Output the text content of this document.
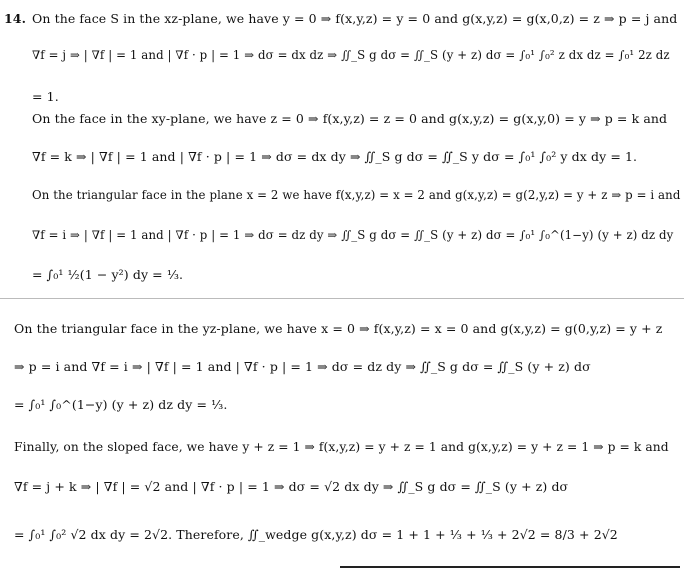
14. On the face S in the xz-plane, we have y = 0 ⇒ f(x,y,z) = y = 0 and g(x,y,z) = g(x,0,z) = z ⇒ p = j and
∇f = j ⇒ | ∇f | = 1 and | ∇f · p | = 1 ⇒ dσ = dx dz ⇒ ∬_S g dσ = ∬_S (y + z) dσ = ∫₀¹ ∫₀² z dx dz = ∫₀¹ 2z dz
= 1.
On the face in the xy-plane, we have z = 0 ⇒ f(x,y,z) = z = 0 and g(x,y,z) = g(x,y,0) = y ⇒ p = k and
∇f = k ⇒ | ∇f | = 1 and | ∇f · p | = 1 ⇒ dσ = dx dy ⇒ ∬_S g dσ = ∬_S y dσ = ∫₀¹ ∫₀² y dx dy = 1.
On the triangular face in the plane x = 2 we have f(x,y,z) = x = 2 and g(x,y,z) = g(2,y,z) = y + z ⇒ p = i and
∇f = i ⇒ | ∇f | = 1 and | ∇f · p | = 1 ⇒ dσ = dz dy ⇒ ∬_S g dσ = ∬_S (y + z) dσ = ∫₀¹ ∫₀^(1−y) (y + z) dz dy
= ∫₀¹ ½(1 − y²) dy = ⅓.
On the triangular face in the yz-plane, we have x = 0 ⇒ f(x,y,z) = x = 0 and g(x,y,z) = g(0,y,z) = y + z
⇒ p = i and ∇f = i ⇒ | ∇f | = 1 and | ∇f · p | = 1 ⇒ dσ = dz dy ⇒ ∬_S g dσ = ∬_S (y + z) dσ
= ∫₀¹ ∫₀^(1−y) (y + z) dz dy = ⅓.
Finally, on the sloped face, we have y + z = 1 ⇒ f(x,y,z) = y + z = 1 and g(x,y,z) = y + z = 1 ⇒ p = k and
∇f = j + k ⇒ | ∇f | = √2 and | ∇f · p | = 1 ⇒ dσ = √2 dx dy ⇒ ∬_S g dσ = ∬_S (y + z) dσ
= ∫₀¹ ∫₀² √2 dx dy = 2√2. Therefore, ∬_wedge g(x,y,z) dσ = 1 + 1 + ⅓ + ⅓ + 2√2 = 8/3 + 2√2
